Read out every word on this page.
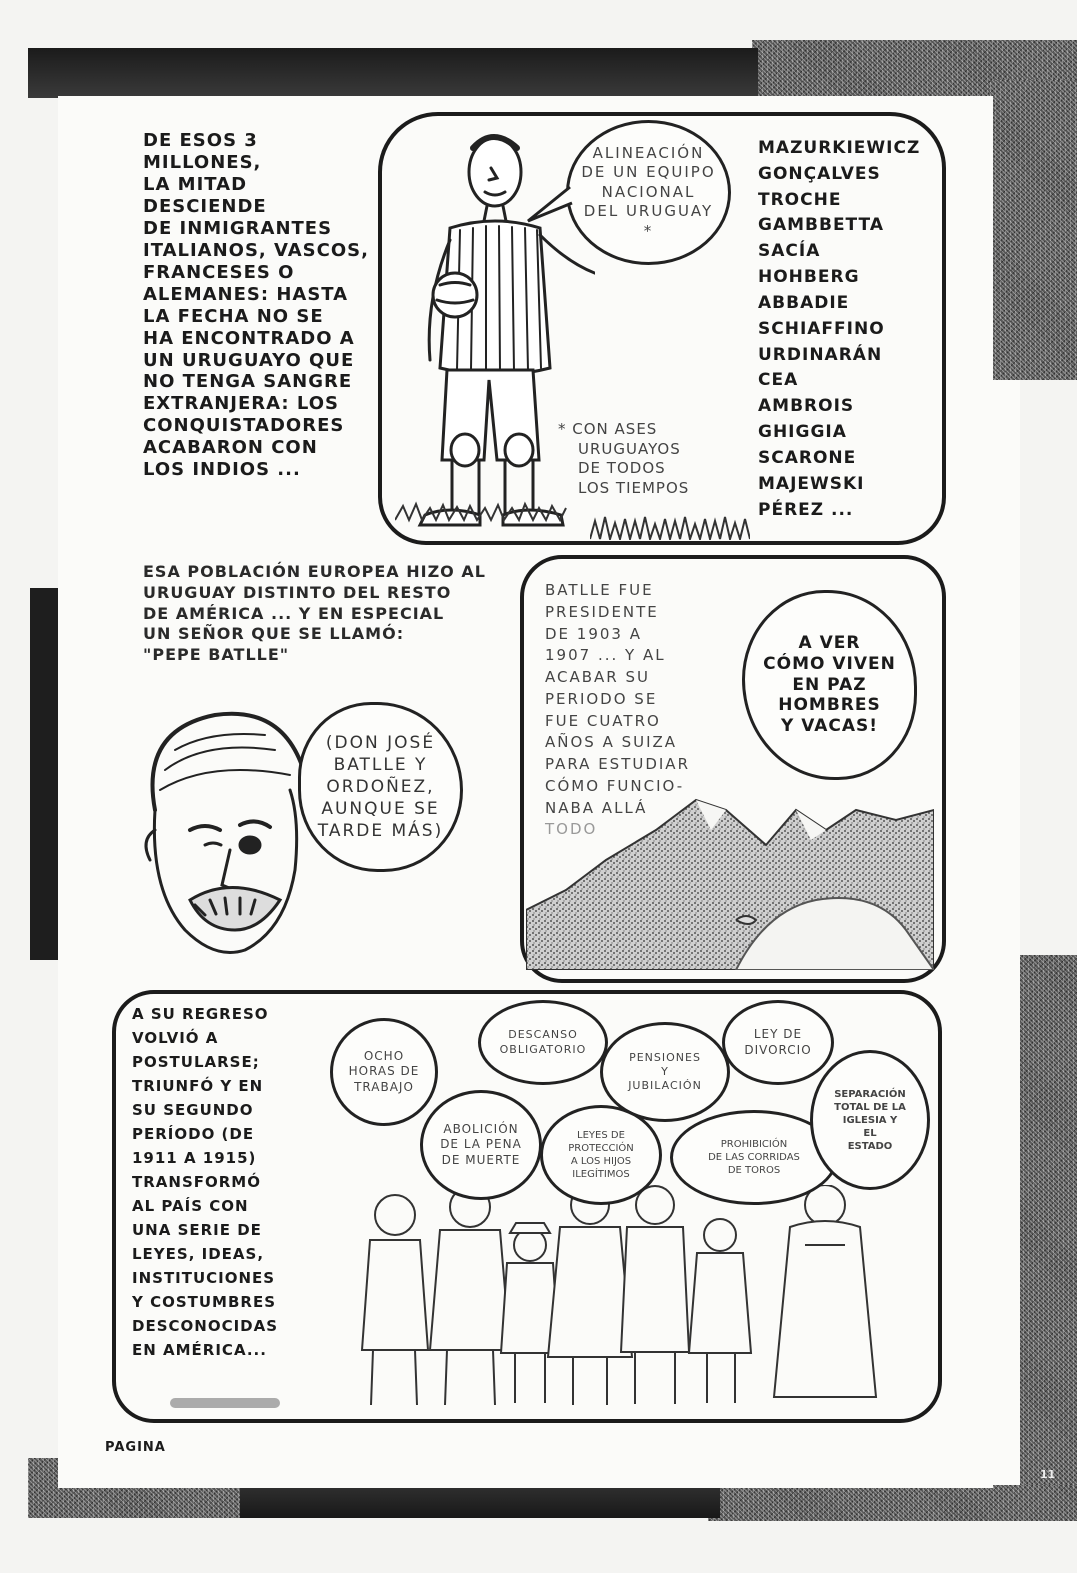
DE ESOS 3 MILLONES,
LA MITAD DESCIENDE
DE INMIGRANTES
ITALIANOS, VASCOS,
FRANCESES O
ALEMANES: HASTA
LA FECHA NO SE
HA ENCONTRADO A
UN URUGUAYO QUE
NO TENGA SANGRE
EXTRANJERA: LOS
CONQUISTADORES
ACABARON CON
LOS INDIOS ...
ALINEACIÓN
DE UN EQUIPO
NACIONAL
DEL URUGUAY
*
* CON ASES
URUGUAYOS
DE TODOS
LOS TIEMPOS
MAZURKIEWICZ
GONÇALVES
TROCHE
GAMBBETTA
SACÍA
HOHBERG
ABBADIE
SCHIAFFINO
URDINARÁN
CEA
AMBROIS
GHIGGIA
SCARONE
MAJEWSKI
PÉREZ ...
ESA POBLACIÓN EUROPEA HIZO AL
URUGUAY DISTINTO DEL RESTO
DE AMÉRICA ... Y EN ESPECIAL
UN SEÑOR QUE SE LLAMÓ:
"PEPE BATLLE"
(DON JOSÉ
BATLLE Y
ORDOÑEZ,
AUNQUE SE
TARDE MÁS)
BATLLE FUE
PRESIDENTE
DE 1903 A
1907 ... Y AL
ACABAR SU
PERIODO SE
FUE CUATRO
AÑOS A SUIZA
PARA ESTUDIAR
CÓMO FUNCIO-
NABA ALLÁ
TODO
A VER
CÓMO VIVEN
EN PAZ
HOMBRES
Y VACAS!
A SU REGRESO
VOLVIÓ A
POSTULARSE;
TRIUNFÓ Y EN
SU SEGUNDO
PERÍODO (DE
1911 A 1915)
TRANSFORMÓ
AL PAÍS CON
UNA SERIE DE
LEYES, IDEAS,
INSTITUCIONES
Y COSTUMBRES
DESCONOCIDAS
EN AMÉRICA...
OCHO
HORAS DE
TRABAJO
DESCANSO
OBLIGATORIO
PENSIONES
Y
JUBILACIÓN
LEY DE
DIVORCIO
ABOLICIÓN
DE LA PENA
DE MUERTE
LEYES DE
PROTECCIÓN
A LOS HIJOS
ILEGÍTIMOS
PROHIBICIÓN
DE LAS CORRIDAS
DE TOROS
SEPARACIÓN
TOTAL DE LA
IGLESIA Y
EL
ESTADO
PAGINA
11
